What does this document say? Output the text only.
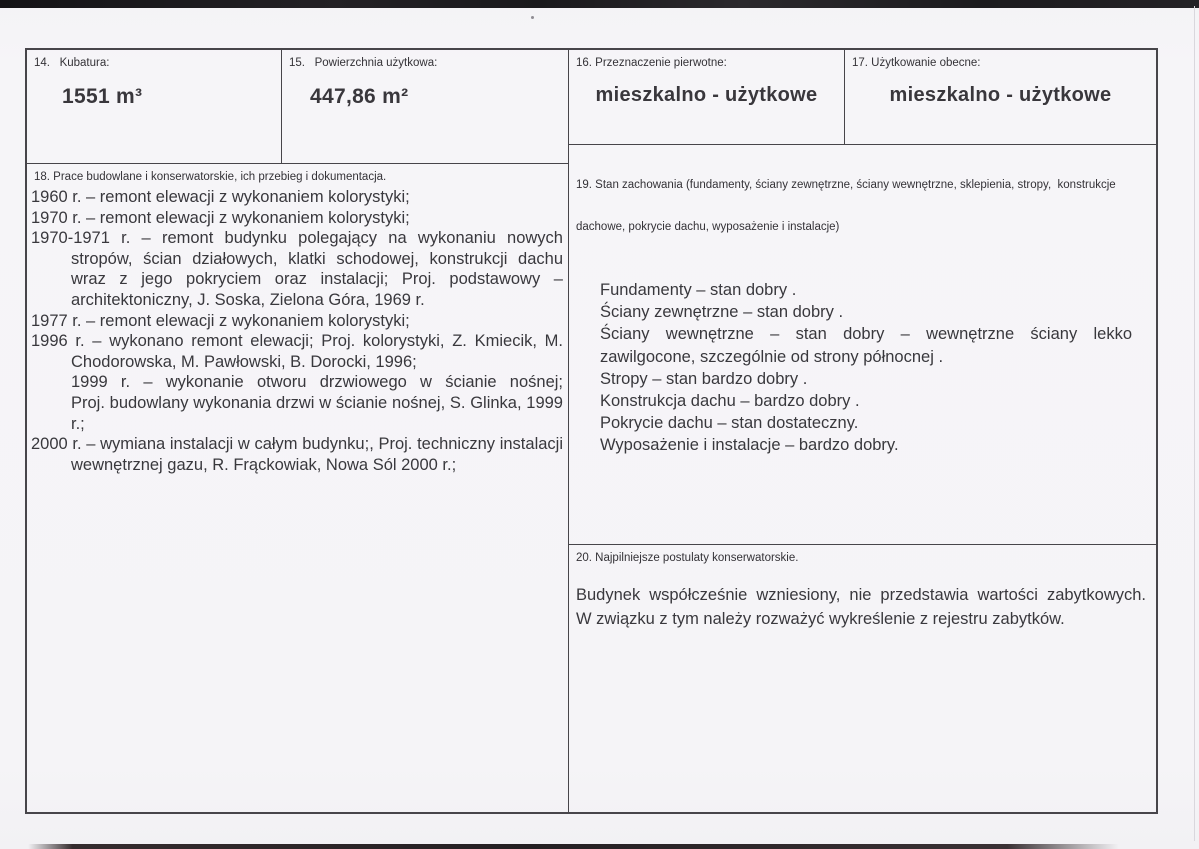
14.   Kubatura:
1551 m³
15.   Powierzchnia użytkowa:
447,86 m²
18. Prace budowlane i konserwatorskie, ich przebieg i dokumentacja.

1960 r. – remont elewacji z wykonaniem kolorystyki;

1970 r. – remont elewacji z wykonaniem kolorystyki;

1970-1971 r. – remont budynku polegający na wykonaniu nowych stropów, ścian działowych, klatki schodowej, konstrukcji dachu wraz z jego pokryciem oraz instalacji; Proj. podstawowy – architektoniczny, J. Soska, Zielona Góra, 1969 r.

1977 r. – remont elewacji z wykonaniem kolorystyki;

1996 r. – wykonano remont elewacji; Proj. kolorystyki, Z. Kmiecik, M. Chodorowska, M. Pawłowski, B. Dorocki, 1996;

1999 r. – wykonanie otworu drzwiowego w ścianie nośnej;

Proj. budowlany wykonania drzwi w ścianie nośnej, S. Glinka, 1999 r.;

2000 r. – wymiana instalacji w całym budynku;, Proj. techniczny instalacji wewnętrznej gazu, R. Frąckowiak, Nowa Sól 2000 r.;

16. Przeznaczenie pierwotne:
mieszkalno - użytkowe
17. Użytkowanie obecne:
mieszkalno - użytkowe

19. Stan zachowania (fundamenty, ściany zewnętrzne, ściany wewnętrzne, sklepienia, stropy,  konstrukcje

dachowe, pokrycie dachu, wyposażenie i instalacje)

Fundamenty – stan dobry .
Ściany zewnętrzne – stan dobry .
Ściany wewnętrzne – stan dobry – wewnętrzne ściany lekko zawilgocone, szczególnie od strony północnej .
Stropy – stan bardzo dobry .
Konstrukcja dachu – bardzo dobry .
Pokrycie dachu – stan dostateczny.
Wyposażenie i instalacje – bardzo dobry.
20. Najpilniejsze postulaty konserwatorskie.

Budynek współcześnie wzniesiony, nie przedstawia wartości zabytkowych.

W związku z tym należy rozważyć wykreślenie z rejestru zabytków.
